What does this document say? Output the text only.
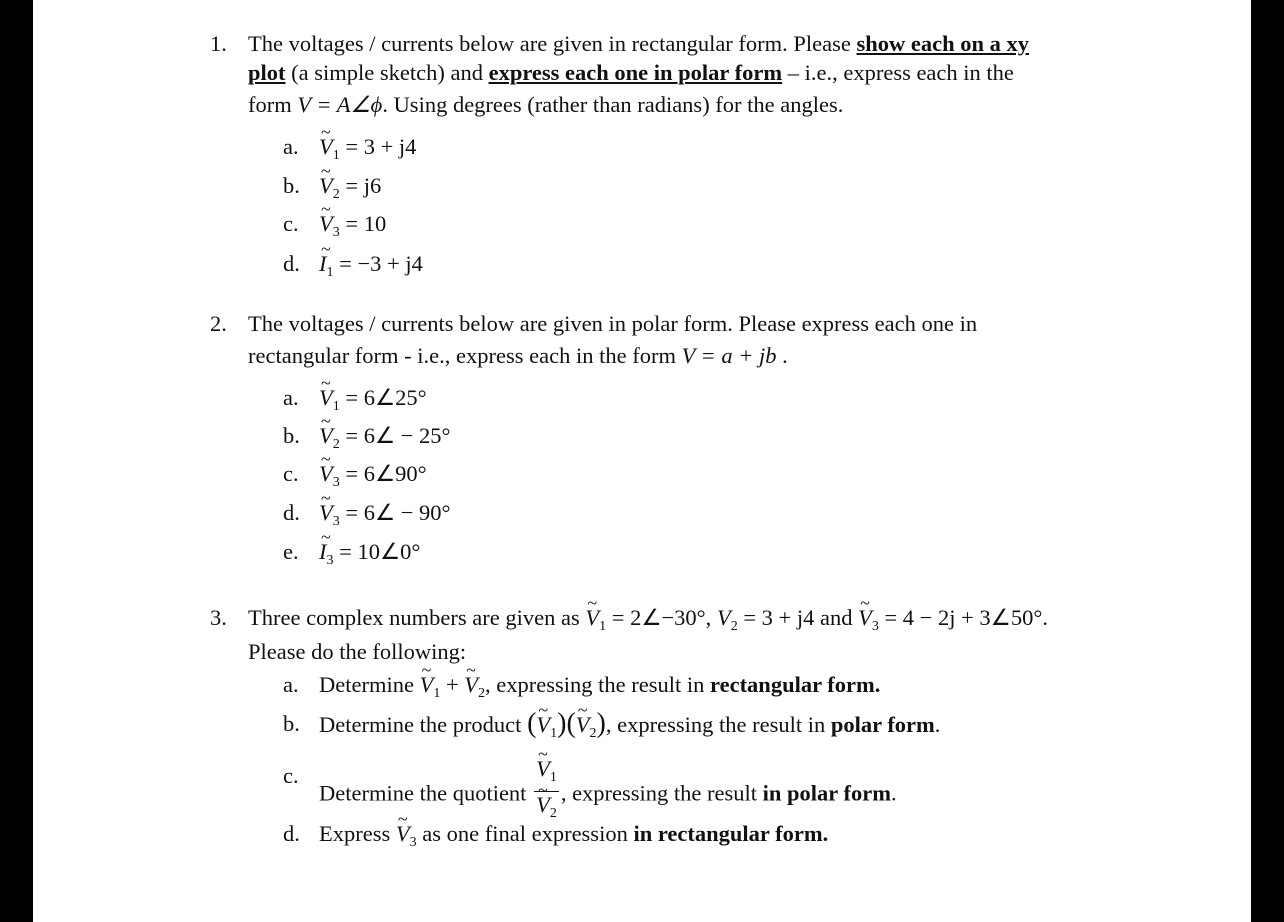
1. The voltages / currents below are given in rectangular form. Please show each on a xy
plot (a simple sketch) and express each one in polar form – i.e., express each in the
form V = A∠ϕ. Using degrees (rather than radians) for the angles.
a. ~ $V_1 = 3 + j4$
b. ~ $V_2 = j6$
c. ~ $V_3 = 10$
d. ~ $I_1 = -3 + j4$
2. The voltages / currents below are given in polar form. Please express each one in
rectangular form - i.e., express each in the form V = a + jb .
a. ~ $V_1$ = 6∠25°
b. ~ $V_2$ = 6∠ − 25°
c. ~ $V_3$ = 6∠90°
d. ~ $V_3$ = 6∠ − 90°
e. ~ $I_3$ = 10∠0°
3. Three complex numbers are given as ~ $V_1$ = 2∠−30°, $V_2 = 3 + j4$ and ~ $V_3 = 4 - 2j$ + 3∠50°.
Please do the following:
a. Determine ~ $V_1$ + ~ $V_2$, expressing the result in rectangular form.
b. Determine the product (~ $V_1)(\sim$ $V_2$), expressing the result in polar form.
c.
Determine the quotient ~ $V_1$
~ $V_2$ , expressing the result in polar form.
d. Express ~ $V_3$ as one final expression in rectangular form.
